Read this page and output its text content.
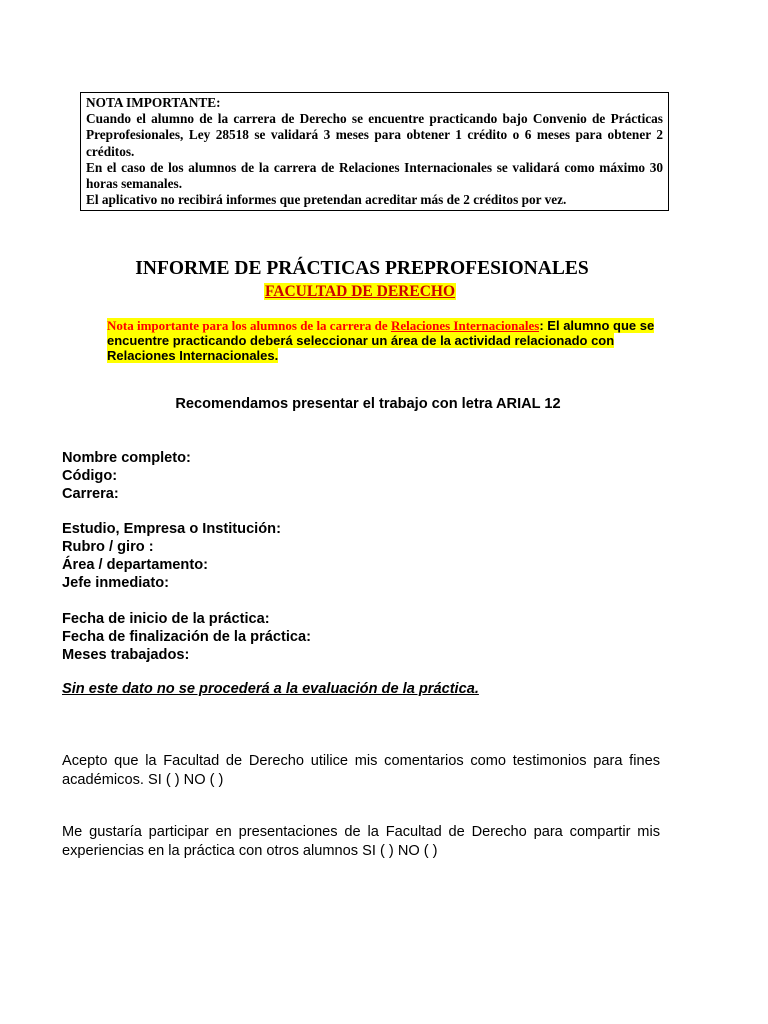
NOTA IMPORTANTE:

Cuando el alumno de la carrera de Derecho se encuentre practicando bajo Convenio de Prácticas Preprofesionales, Ley 28518 se validará 3 meses para obtener 1 crédito o 6 meses para obtener 2 créditos.

En el caso de los alumnos de la carrera de Relaciones Internacionales se validará como máximo 30 horas semanales.

El aplicativo no recibirá informes que pretendan acreditar más de 2 créditos por vez.

INFORME DE PRÁCTICAS PREPROFESIONALES
FACULTAD DE DERECHO
Nota importante para los alumnos de la carrera de Relaciones Internacionales: El alumno que se encuentre practicando deberá seleccionar un área de la actividad relacionado con Relaciones Internacionales.
Recomendamos presentar el trabajo con letra ARIAL 12
Nombre completo:
Código:
Carrera:
Estudio, Empresa o Institución:
Rubro / giro :
Área / departamento:
Jefe inmediato:
Fecha de inicio de la práctica:
Fecha de finalización de la práctica:
Meses trabajados:
Sin este dato no se procederá a la evaluación de la práctica.
Acepto que la Facultad de Derecho utilice mis comentarios como testimonios para fines académicos. SI ( ) NO ( )
Me gustaría participar en presentaciones de la Facultad de Derecho para compartir mis experiencias en la práctica con otros alumnos SI ( ) NO ( )
